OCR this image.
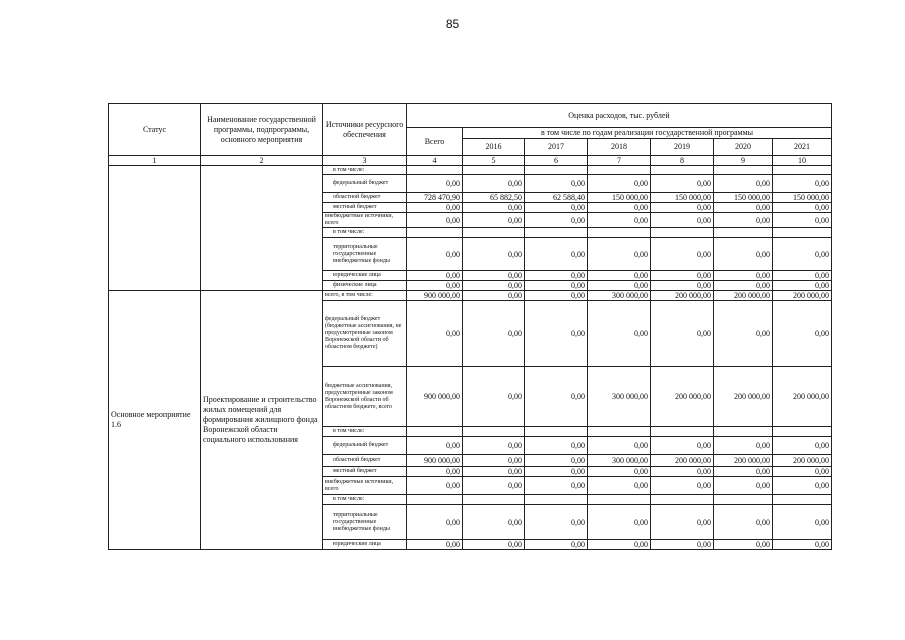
85
Статус	Наименование государственной программы, подпрограммы, основного мероприятия	Источники ресурсного обеспечения	Оценка расходов, тыс. рублей						
			Всего	в том числе по годам реализации государственной программы					
				2016	2017	2018	2019	2020	2021
1	2	3	4	5	6	7	8	9	10
		в том числе:							
		федеральный бюджет	0,00	0,00	0,00	0,00	0,00	0,00	0,00
		областной бюджет	728 470,90	65 882,50	62 588,40	150 000,00	150 000,00	150 000,00	150 000,00
		местный бюджет	0,00	0,00	0,00	0,00	0,00	0,00	0,00
		внебюджетные источники, всего	0,00	0,00	0,00	0,00	0,00	0,00	0,00
		в том числе:							
		территориальные государственные внебюджетные фонды	0,00	0,00	0,00	0,00	0,00	0,00	0,00
		юридические лица	0,00	0,00	0,00	0,00	0,00	0,00	0,00
		физические лица	0,00	0,00	0,00	0,00	0,00	0,00	0,00
Основное мероприятие 1.6	Проектирование и строительство жилых помещений для формирования жилищного фонда Воронежской области социального использования	всего, в том числе:	900 000,00	0,00	0,00	300 000,00	200 000,00	200 000,00	200 000,00
		федеральный бюджет (бюджетные ассигнования, не предусмотренные законом Воронежской области об областном бюджете)	0,00	0,00	0,00	0,00	0,00	0,00	0,00
		бюджетные ассигнования, предусмотренные законом Воронежской области об областном бюджете, всего	900 000,00	0,00	0,00	300 000,00	200 000,00	200 000,00	200 000,00
		в том числе:							
		федеральный бюджет	0,00	0,00	0,00	0,00	0,00	0,00	0,00
		областной бюджет	900 000,00	0,00	0,00	300 000,00	200 000,00	200 000,00	200 000,00
		местный бюджет	0,00	0,00	0,00	0,00	0,00	0,00	0,00
		внебюджетные источники, всего	0,00	0,00	0,00	0,00	0,00	0,00	0,00
		в том числе:							
		территориальные государственные внебюджетные фонды	0,00	0,00	0,00	0,00	0,00	0,00	0,00
		юридические лица	0,00	0,00	0,00	0,00	0,00	0,00	0,00
